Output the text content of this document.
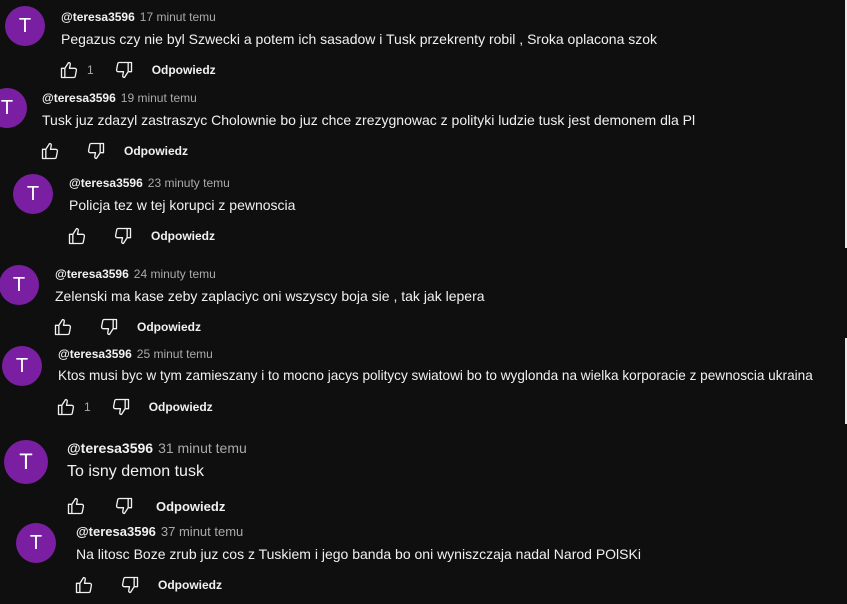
T	@teresa3596 17 minut temu
Pegazus czy nie byl Szwecki a potem ich sasadow i Tusk przekrenty robil , Sroka oplacona szok
1	Odpowiedz
T	@teresa3596 19 minut temu
Tusk juz zdazyl zastraszyc Cholownie bo juz chce zrezygnowac z polityki ludzie tusk jest demonem dla Pl
Odpowiedz
T	@teresa3596 23 minuty temu
Policja tez w tej korupci z pewnoscia
Odpowiedz
T	@teresa3596 24 minuty temu
Zelenski ma kase zeby zaplaciyc oni wszyscy boja sie , tak jak lepera
Odpowiedz
T
@teresa3596 25 minut temu
Ktos musi byc w tym zamieszany i to mocno jacys politycy swiatowi bo to wyglonda na wielka korporacie z pewnoscia ukraina
1	Odpowiedz
T
@teresa3596 31 minut temu
To isny demon tusk
Odpowiedz
T	@teresa3596 37 minut temu
Na litosc Boze zrub juz cos z Tuskiem i jego banda bo oni wyniszczaja nadal Narod POlSKi
Odpowiedz
